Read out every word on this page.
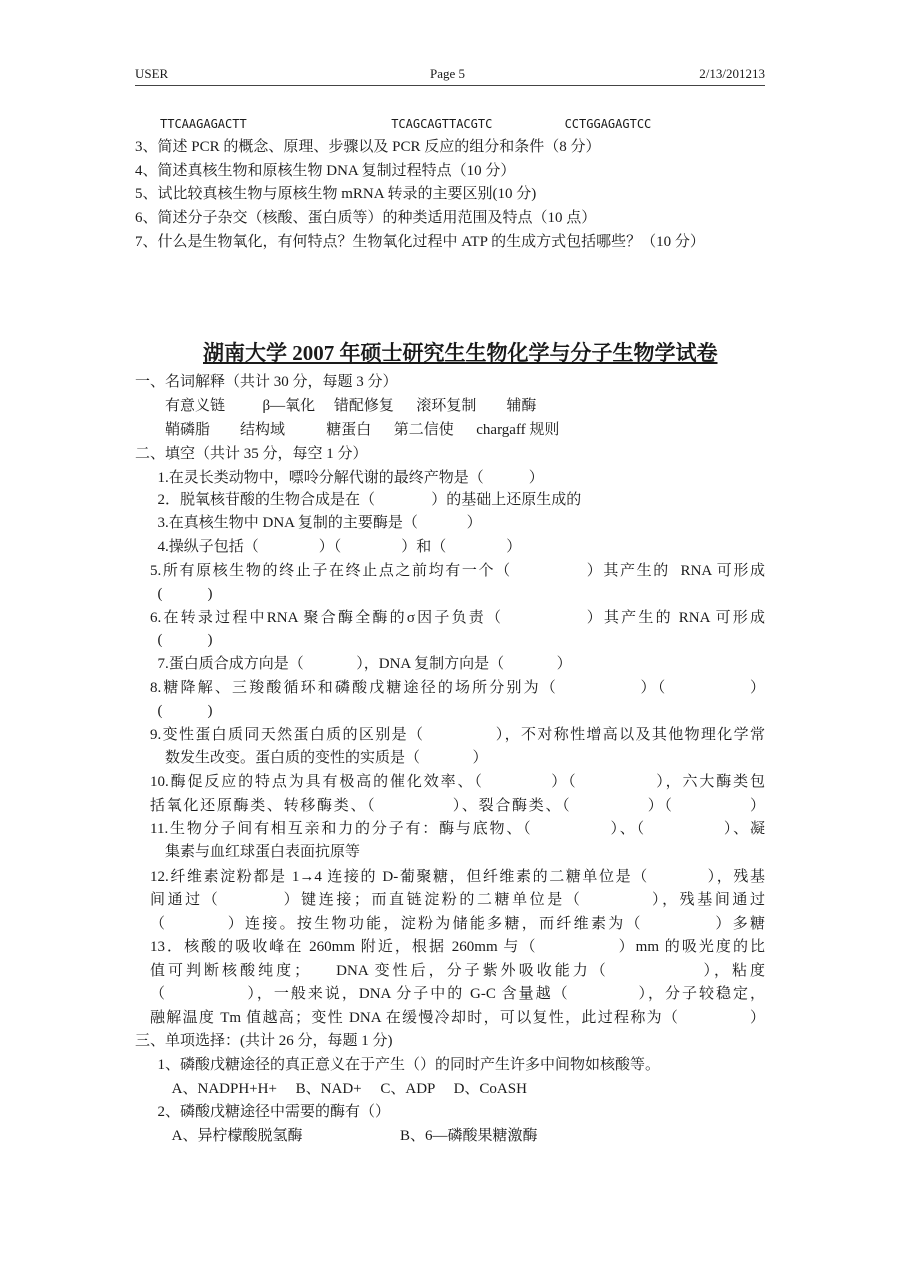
USER	Page 5	2/13/201213
TTCAAGAGACTT                    TCAGCAGTTACGTC          CCTGGAGAGTCC
3、简述 PCR 的概念、原理、步骤以及 PCR 反应的组分和条件（8 分）
4、简述真核生物和原核生物 DNA 复制过程特点（10 分）
5、试比较真核生物与原核生物 mRNA 转录的主要区别(10 分)
6、简述分子杂交（核酸、蛋白质等）的种类适用范围及特点（10 点）
7、什么是生物氧化，有何特点？生物氧化过程中 ATP 的生成方式包括哪些？（10 分）
湖南大学 2007 年硕士研究生生物化学与分子生物学试卷
一、名词解释（共计 30 分，每题 3 分）
有意义链          β—氧化     错配修复      滚环复制        辅酶
鞘磷脂        结构域           糖蛋白      第二信使      chargaff 规则
二、填空（共计 35 分，每空 1 分）
1.在灵长类动物中，嘌呤分解代谢的最终产物是（            ）
2．脱氧核苷酸的生物合成是在（               ）的基础上还原生成的
3.在真核生物中 DNA 复制的主要酶是（             ）
4.操纵子包括（                ）（                ）和（                ）
5.所有原核生物的终止子在终止点之前均有一个（              ）其产生的  RNA 可形成
(            )
6.在转录过程中RNA 聚合酶全酶的σ因子负责（              ）其产生的 RNA 可形成
(            )
7.蛋白质合成方向是（              ），DNA 复制方向是（              ）
8.糖降解、三羧酸循环和磷酸戊糖途径的场所分别为（              ）（              ）
(            )
9.变性蛋白质同天然蛋白质的区别是（              ），不对称性增高以及其他物理化学常
数发生改变。蛋白质的变性的实质是（              ）
10.酶促反应的特点为具有极高的催化效率、（            ）（              ），六大酶类包
括氧化还原酶类、转移酶类、（              ）、裂合酶类、（              ）（              ）
11.生物分子间有相互亲和力的分子有：酶与底物、（              ）、（              ）、凝
集素与血红球蛋白表面抗原等
12.纤维素淀粉都是 1→4 连接的 D-葡聚糖，但纤维素的二糖单位是（           ），残基
间通过（          ）键连接；而直链淀粉的二糖单位是（           ），残基间通过
（          ）连接。按生物功能，淀粉为储能多糖，而纤维素为（            ）多糖
13．核酸的吸收峰在 260mm 附近，根据 260mm 与（              ）mm 的吸光度的比
值可判断核酸纯度；    DNA 变性后，分子紫外吸收能力（              ），粘度
（              ），一般来说，DNA 分子中的 G-C 含量越（            ），分子较稳定，
融解温度 Tm 值越高；变性 DNA 在缓慢冷却时，可以复性，此过程称为（              ）
三、单项选择：(共计 26 分，每题 1 分)
1、磷酸戊糖途径的真正意义在于产生（）的同时产生许多中间物如核酸等。
A、NADPH+H+     B、NAD+     C、ADP     D、CoASH
2、磷酸戊糖途径中需要的酶有（）
A、异柠檬酸脱氢酶                          B、6—磷酸果糖激酶
